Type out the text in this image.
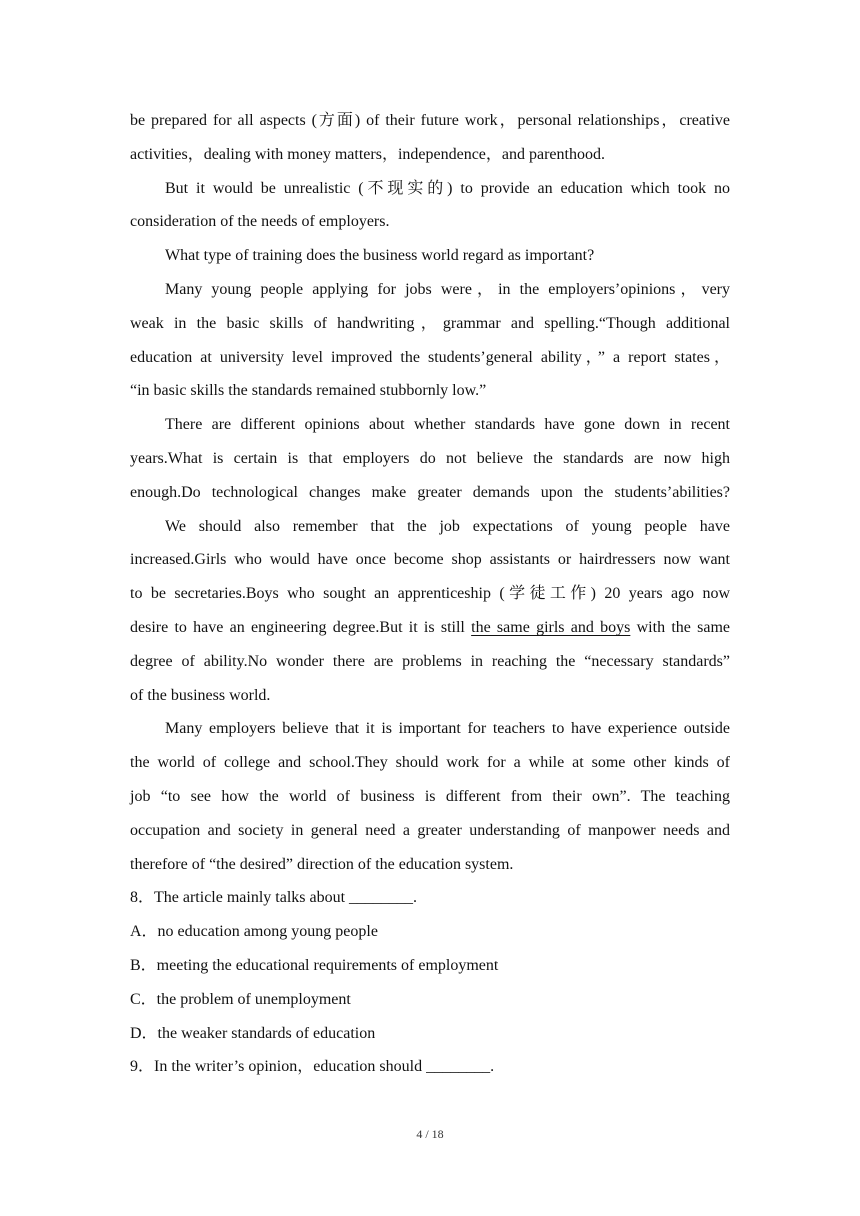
be prepared for all aspects (方面) of their future work，personal relationships，creative
activities，dealing with money matters，independence，and parenthood.
But it would be unrealistic (不现实的) to provide an education which took no
consideration of the needs of employers.
What type of training does the business world regard as important?
Many young people applying for jobs were，in the employers’opinions，very
weak in the basic skills of handwriting，grammar and spelling.“Though additional
education at university level improved the students’general ability，” a report states，
“in basic skills the standards remained stubbornly low.”
There are different opinions about whether standards have gone down in recent
years.What is certain is that employers do not believe the standards are now high
enough.Do technological changes make greater demands upon the students’abilities?
We should also remember that the job expectations of young people have
increased.Girls who would have once become shop assistants or hairdressers now want
to be secretaries.Boys who sought an apprenticeship (学徒工作) 20 years ago now
desire to have an engineering degree.But it is still the same girls and boys with the same
degree of ability.No wonder there are problems in reaching the “necessary standards”
of the business world.
Many employers believe that it is important for teachers to have experience outside
the world of college and school.They should work for a while at some other kinds of
job “to see how the world of business is different from their own”. The teaching
occupation and society in general need a greater understanding of manpower needs and
therefore of “the desired” direction of the education system.
8．The article mainly talks about ________.
A．no education among young people
B．meeting the educational requirements of employment
C．the problem of unemployment
D．the weaker standards of education
9．In the writer’s opinion，education should ________.
4 / 18
